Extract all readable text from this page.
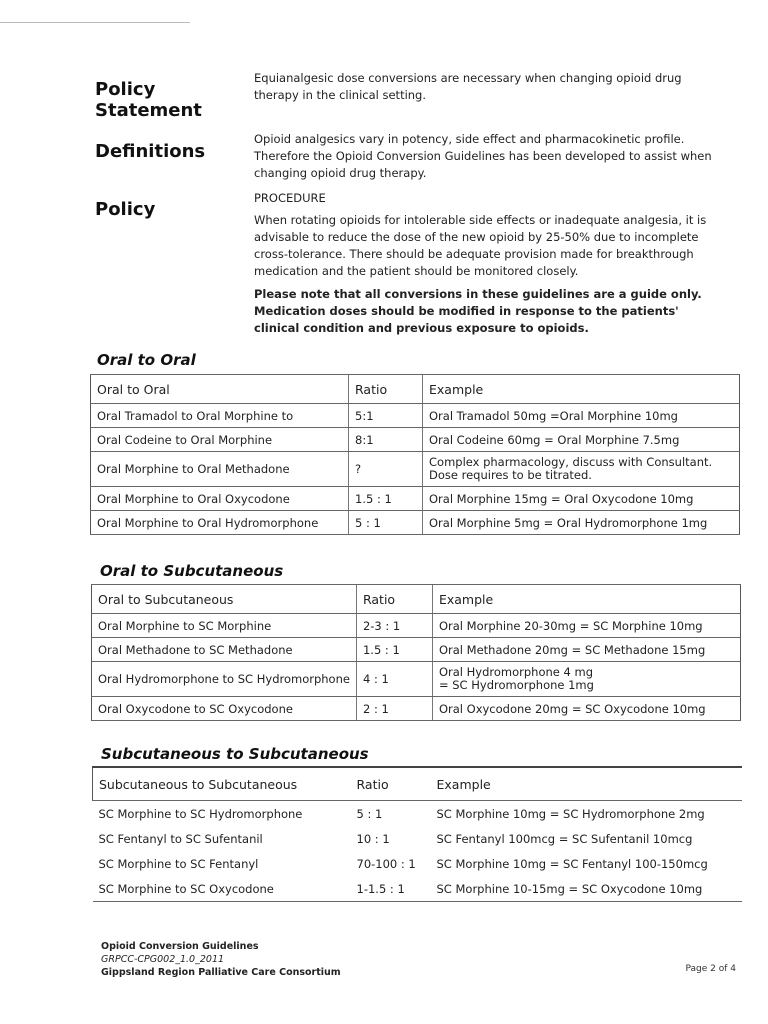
Policy Statement
Definitions
Policy
Equianalgesic dose conversions are necessary when changing opioid drug therapy in the clinical setting.
Opioid analgesics vary in potency, side effect and pharmacokinetic profile. Therefore the Opioid Conversion Guidelines has been developed to assist when changing opioid drug therapy.
PROCEDURE
When rotating opioids for intolerable side effects or inadequate analgesia, it is advisable to reduce the dose of the new opioid by 25-50% due to incomplete cross-tolerance. There should be adequate provision made for breakthrough medication and the patient should be monitored closely.
Please note that all conversions in these guidelines are a guide only. Medication doses should be modified in response to the patients' clinical condition and previous exposure to opioids.
Oral to Oral
Oral to Oral	Ratio	Example
Oral Tramadol to Oral Morphine to	5:1	Oral Tramadol 50mg =Oral Morphine 10mg
Oral Codeine to Oral Morphine	8:1	Oral Codeine 60mg = Oral Morphine 7.5mg
Oral Morphine to Oral Methadone	?	Complex pharmacology, discuss with Consultant. Dose requires to be titrated.
Oral Morphine to Oral Oxycodone	1.5 : 1	Oral Morphine 15mg = Oral Oxycodone 10mg
Oral Morphine to Oral Hydromorphone	5 : 1	Oral Morphine 5mg = Oral Hydromorphone 1mg
Oral to Subcutaneous
Oral to Subcutaneous	Ratio	Example
Oral Morphine to SC Morphine	2-3 : 1	Oral Morphine 20-30mg = SC Morphine 10mg
Oral Methadone to SC Methadone	1.5 : 1	Oral Methadone 20mg = SC Methadone 15mg
Oral Hydromorphone to SC Hydromorphone	4 : 1	Oral Hydromorphone 4 mg = SC Hydromorphone 1mg
Oral Oxycodone to SC Oxycodone	2 : 1	Oral Oxycodone 20mg = SC Oxycodone 10mg
Subcutaneous to Subcutaneous
Subcutaneous to Subcutaneous	Ratio	Example
SC Morphine to SC Hydromorphone	5 : 1	SC Morphine 10mg = SC Hydromorphone 2mg
SC Fentanyl to SC Sufentanil	10 : 1	SC Fentanyl 100mcg = SC Sufentanil 10mcg
SC Morphine to SC Fentanyl	70-100 : 1	SC Morphine 10mg = SC Fentanyl 100-150mcg
SC Morphine to SC Oxycodone	1-1.5 : 1	SC Morphine 10-15mg = SC Oxycodone 10mg
Opioid Conversion Guidelines
GRPCC-CPG002_1.0_2011
Gippsland Region Palliative Care Consortium	Page 2 of 4
